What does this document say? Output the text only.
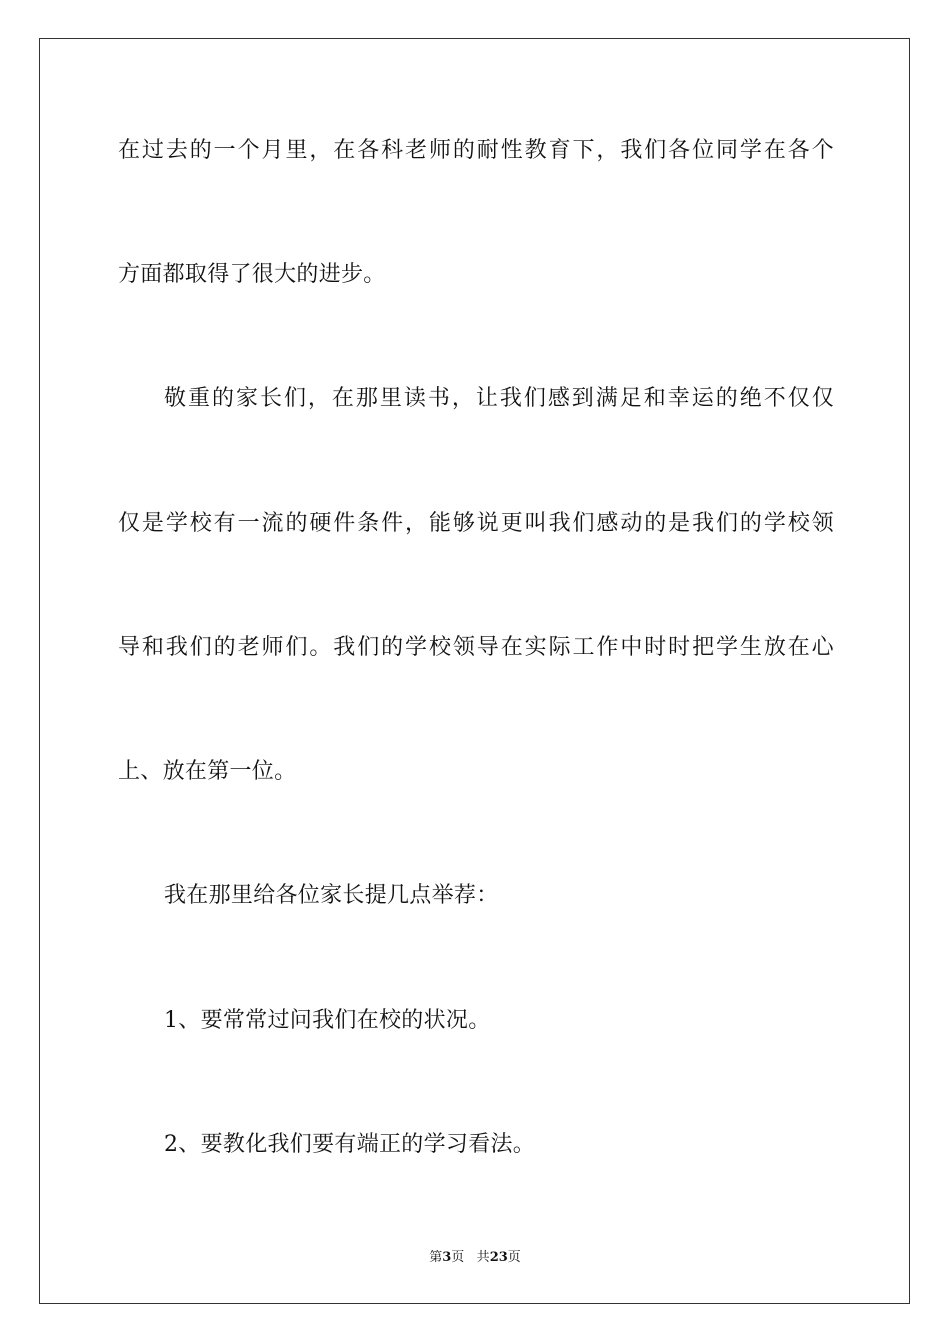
在过去的一个月里，在各科老师的耐性教育下，我们各位同学在各个
方面都取得了很大的进步。
敬重的家长们，在那里读书，让我们感到满足和幸运的绝不仅仅
仅是学校有一流的硬件条件，能够说更叫我们感动的是我们的学校领
导和我们的老师们。我们的学校领导在实际工作中时时把学生放在心
上、放在第一位。
我在那里给各位家长提几点举荐：
1、要常常过问我们在校的状况。
2、要教化我们要有端正的学习看法。
第3页 共23页
